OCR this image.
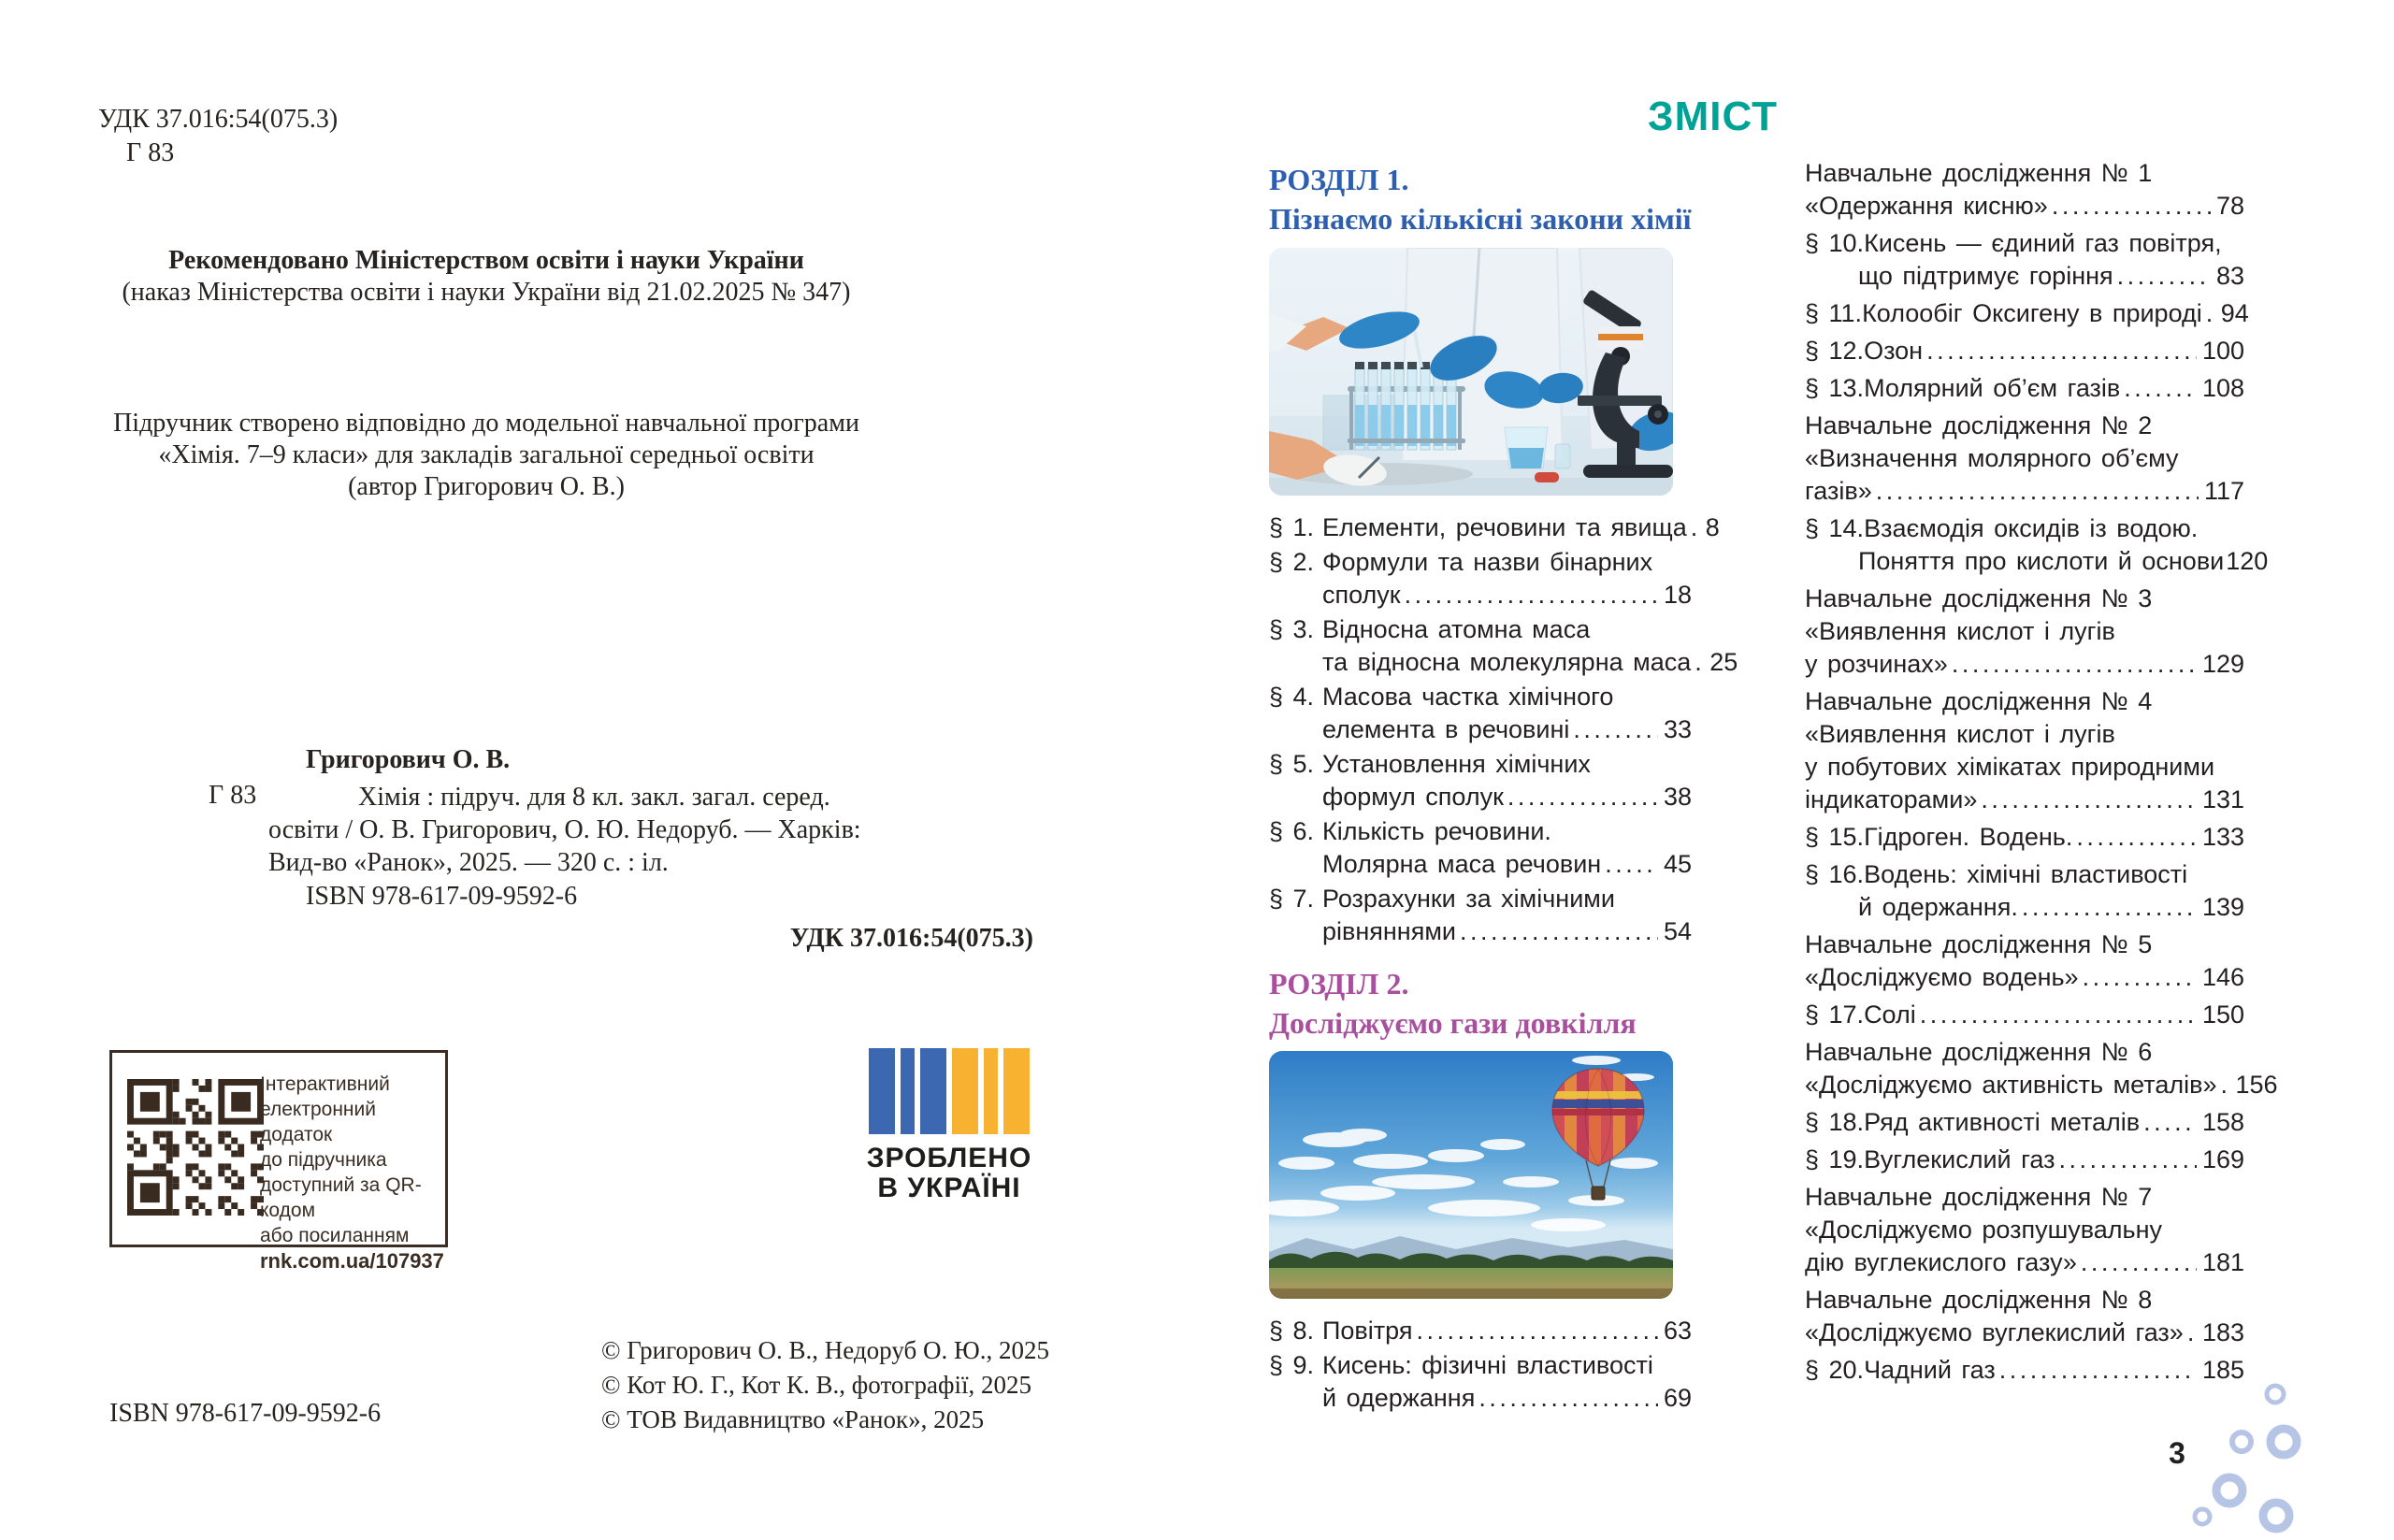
УДК 37.016:54(075.3)
Г 83
Рекомендовано Міністерством освіти і науки України
(наказ Міністерства освіти і науки України від 21.02.2025 № 347)
Підручник створено відповідно до модельної навчальної програми
«Хімія. 7–9 класи» для закладів загальної середньої освіти
(автор Григорович О. В.)
Григорович О. В.
Г 83	Хімія : підруч. для 8 кл. закл. загал. серед. освіти / О. В. Григорович, О. Ю. Недоруб. — Харків: Вид-во «Ранок», 2025. — 320 с. : іл.
ISBN 978-617-09-9592-6
УДК 37.016:54(075.3)
Інтерактивний
електронний додаток
до підручника
доступний за QR-кодом
або посиланням
rnk.com.ua/107937
ЗРОБЛЕНО
В УКРАЇНІ
© Григорович О. В., Недоруб О. Ю., 2025
© Кот Ю. Г., Кот К. В., фотографії, 2025
© ТОВ Видавництво «Ранок», 2025
ISBN 978-617-09-9592-6
ЗМІСТ
РОЗДІЛ 1.
Пізнаємо кількісні закони хімії
§ 1. Елементи, речовини та явища ..... 8
§ 2. Формули та назви бінарних
сполук .....	18
§ 3. Відносна атомна маса
та відносна молекулярна маса ..... 25
§ 4. Масова частка хімічного
елемента в речовині .....	33
§ 5. Установлення хімічних
формул сполук .....	38
§ 6. Кількість речовини.
Молярна маса речовин ..... 45
§ 7. Розрахунки за хімічними
рівняннями .....	54
РОЗДІЛ 2.
Досліджуємо гази довкілля
§ 8. Повітря .....	63
§ 9. Кисень: фізичні властивості
й одержання .....	69
Навчальне дослідження № 1
«Одержання кисню» .....	78
§ 10. Кисень — єдиний газ повітря,
що підтримує горіння .....	83
§ 11. Колообіг Оксигену в природі ..... 94
§ 12. Озон .....	100
§ 13. Молярний об’єм газів .....	108
Навчальне дослідження № 2
«Визначення молярного об’єму
газів» .....	117
§ 14. Взаємодія оксидів із водою.
Поняття про кислоти й основи 120
Навчальне дослідження № 3
«Виявлення кислот і лугів
у розчинах» .....	129
Навчальне дослідження № 4
«Виявлення кислот і лугів
у побутових хімікатах природними
індикаторами» .....	131
§ 15. Гідроген. Водень. .....	133
§ 16. Водень: хімічні властивості
й одержання. .....	139
Навчальне дослідження № 5
«Досліджуємо водень» .....	146
§ 17. Солі .....	150
Навчальне дослідження № 6
«Досліджуємо активність металів» ..... 156
§ 18. Ряд активності металів ..... 158
§ 19. Вуглекислий газ .....	169
Навчальне дослідження № 7
«Досліджуємо розпушувальну
дію вуглекислого газу» .....	181
Навчальне дослідження № 8
«Досліджуємо вуглекислий газ» ..... 183
§ 20. Чадний газ .....	185
3
